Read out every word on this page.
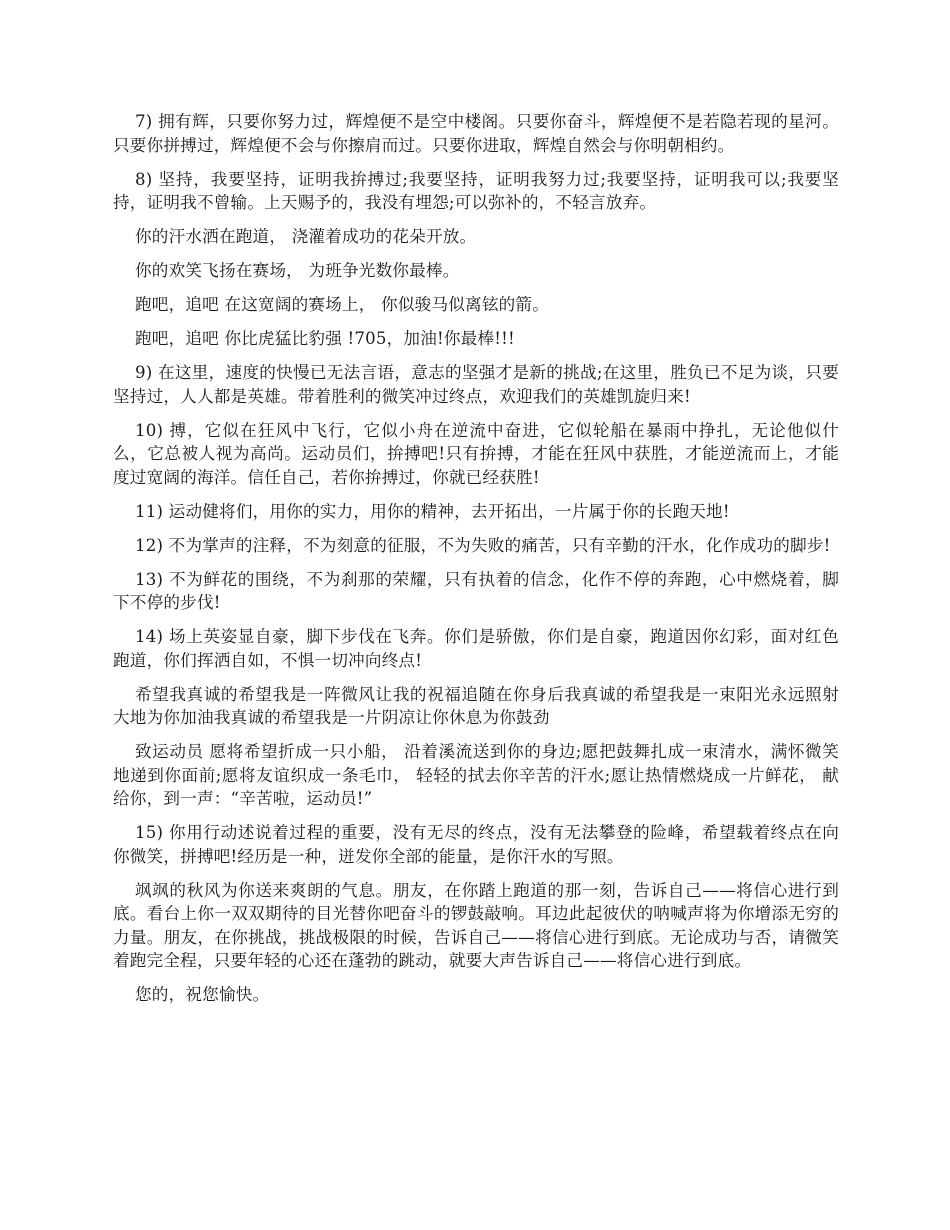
7) 拥有辉，只要你努力过，辉煌便不是空中楼阁。只要你奋斗，辉煌便不是若隐若现的星河。只要你拼搏过，辉煌便不会与你擦肩而过。只要你进取，辉煌自然会与你明朝相约。

8) 坚持，我要坚持，证明我拚搏过;我要坚持，证明我努力过;我要坚持，证明我可以;我要坚持，证明我不曾输。上天赐予的，我没有埋怨;可以弥补的，不轻言放弃。

你的汗水洒在跑道， 浇灌着成功的花朵开放。

你的欢笑飞扬在赛场， 为班争光数你最棒。

跑吧，追吧 在这宽阔的赛场上， 你似骏马似离铉的箭。

跑吧，追吧 你比虎猛比豹强 !705，加油!你最棒!!!

9) 在这里，速度的快慢已无法言语，意志的坚强才是新的挑战;在这里，胜负已不足为谈，只要坚持过，人人都是英雄。带着胜利的微笑冲过终点，欢迎我们的英雄凯旋归来!

10) 搏，它似在狂风中飞行，它似小舟在逆流中奋进，它似轮船在暴雨中挣扎，无论他似什么，它总被人视为高尚。运动员们，拚搏吧!只有拚搏，才能在狂风中获胜，才能逆流而上，才能度过宽阔的海洋。信任自己，若你拚搏过，你就已经获胜!

11) 运动健将们，用你的实力，用你的精神，去开拓出，一片属于你的长跑天地!

12) 不为掌声的注释，不为刻意的征服，不为失败的痛苦，只有辛勤的汗水，化作成功的脚步!

13) 不为鲜花的围绕，不为刹那的荣耀，只有执着的信念，化作不停的奔跑，心中燃烧着，脚下不停的步伐!

14) 场上英姿显自豪，脚下步伐在飞奔。你们是骄傲，你们是自豪，跑道因你幻彩，面对红色跑道，你们挥洒自如，不惧一切冲向终点!

希望我真诚的希望我是一阵微风让我的祝福追随在你身后我真诚的希望我是一束阳光永远照射大地为你加油我真诚的希望我是一片阴凉让你休息为你鼓劲

致运动员 愿将希望折成一只小船， 沿着溪流送到你的身边;愿把鼓舞扎成一束清水，满怀微笑地递到你面前;愿将友谊织成一条毛巾， 轻轻的拭去你辛苦的汗水;愿让热情燃烧成一片鲜花， 献给你，到一声：“辛苦啦，运动员!”

15) 你用行动述说着过程的重要，没有无尽的终点，没有无法攀登的险峰，希望载着终点在向你微笑，拼搏吧!经历是一种，迸发你全部的能量，是你汗水的写照。

飒飒的秋风为你送来爽朗的气息。朋友，在你踏上跑道的那一刻，告诉自己——将信心进行到底。看台上你一双双期待的目光替你吧奋斗的锣鼓敲响。耳边此起彼伏的呐喊声将为你增添无穷的力量。朋友，在你挑战，挑战极限的时候，告诉自己——将信心进行到底。无论成功与否，请微笑着跑完全程，只要年轻的心还在蓬勃的跳动，就要大声告诉自己——将信心进行到底。

您的，祝您愉快。
